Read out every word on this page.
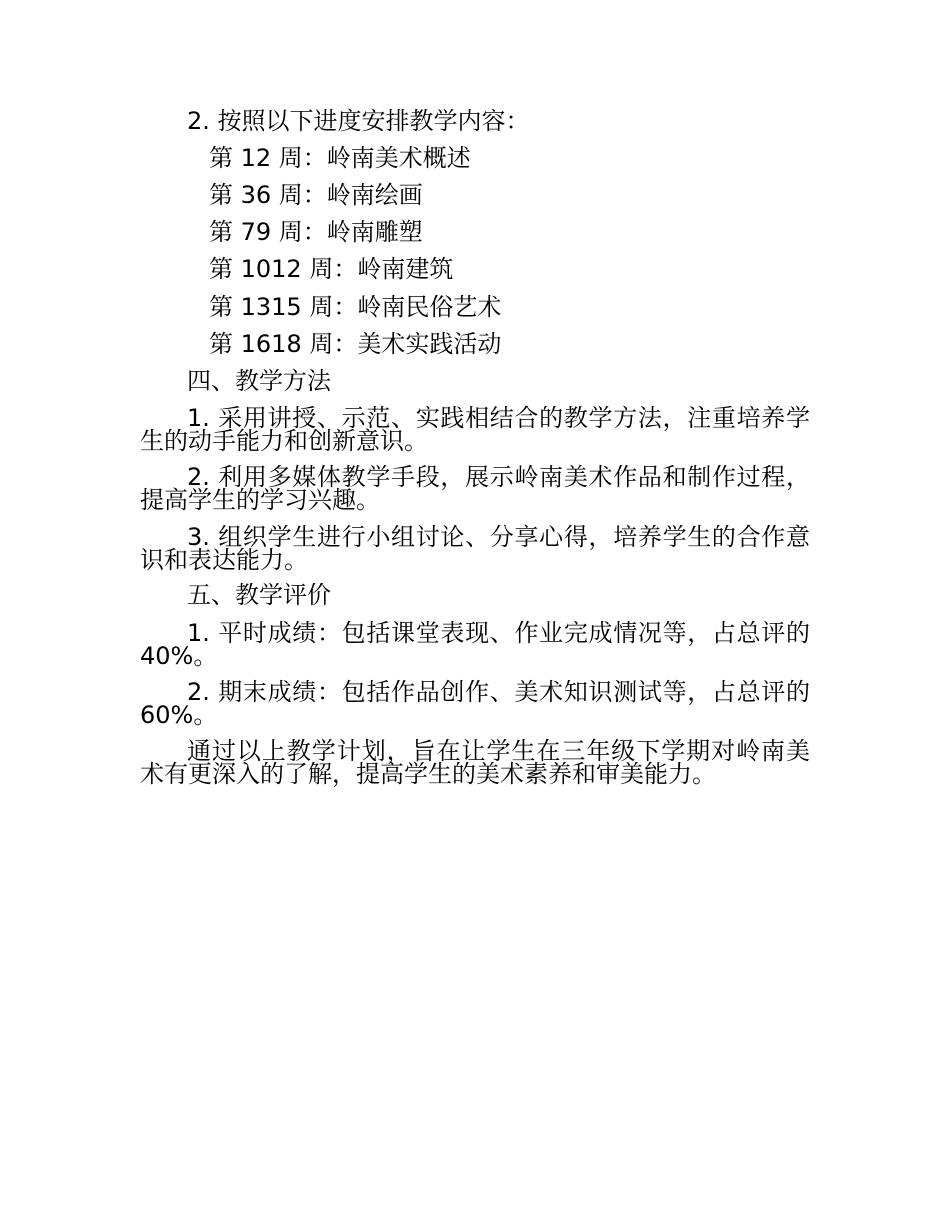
2. 按照以下进度安排教学内容：
第 12 周：岭南美术概述
第 36 周：岭南绘画
第 79 周：岭南雕塑
第 1012 周：岭南建筑
第 1315 周：岭南民俗艺术
第 1618 周：美术实践活动
四、教学方法
1. 采用讲授、示范、实践相结合的教学方法，注重培养学生的动手能力和创新意识。
2. 利用多媒体教学手段，展示岭南美术作品和制作过程，提高学生的学习兴趣。
3. 组织学生进行小组讨论、分享心得，培养学生的合作意识和表达能力。
五、教学评价
1. 平时成绩：包括课堂表现、作业完成情况等，占总评的40%。
2. 期末成绩：包括作品创作、美术知识测试等，占总评的60%。
通过以上教学计划，旨在让学生在三年级下学期对岭南美术有更深入的了解，提高学生的美术素养和审美能力。
